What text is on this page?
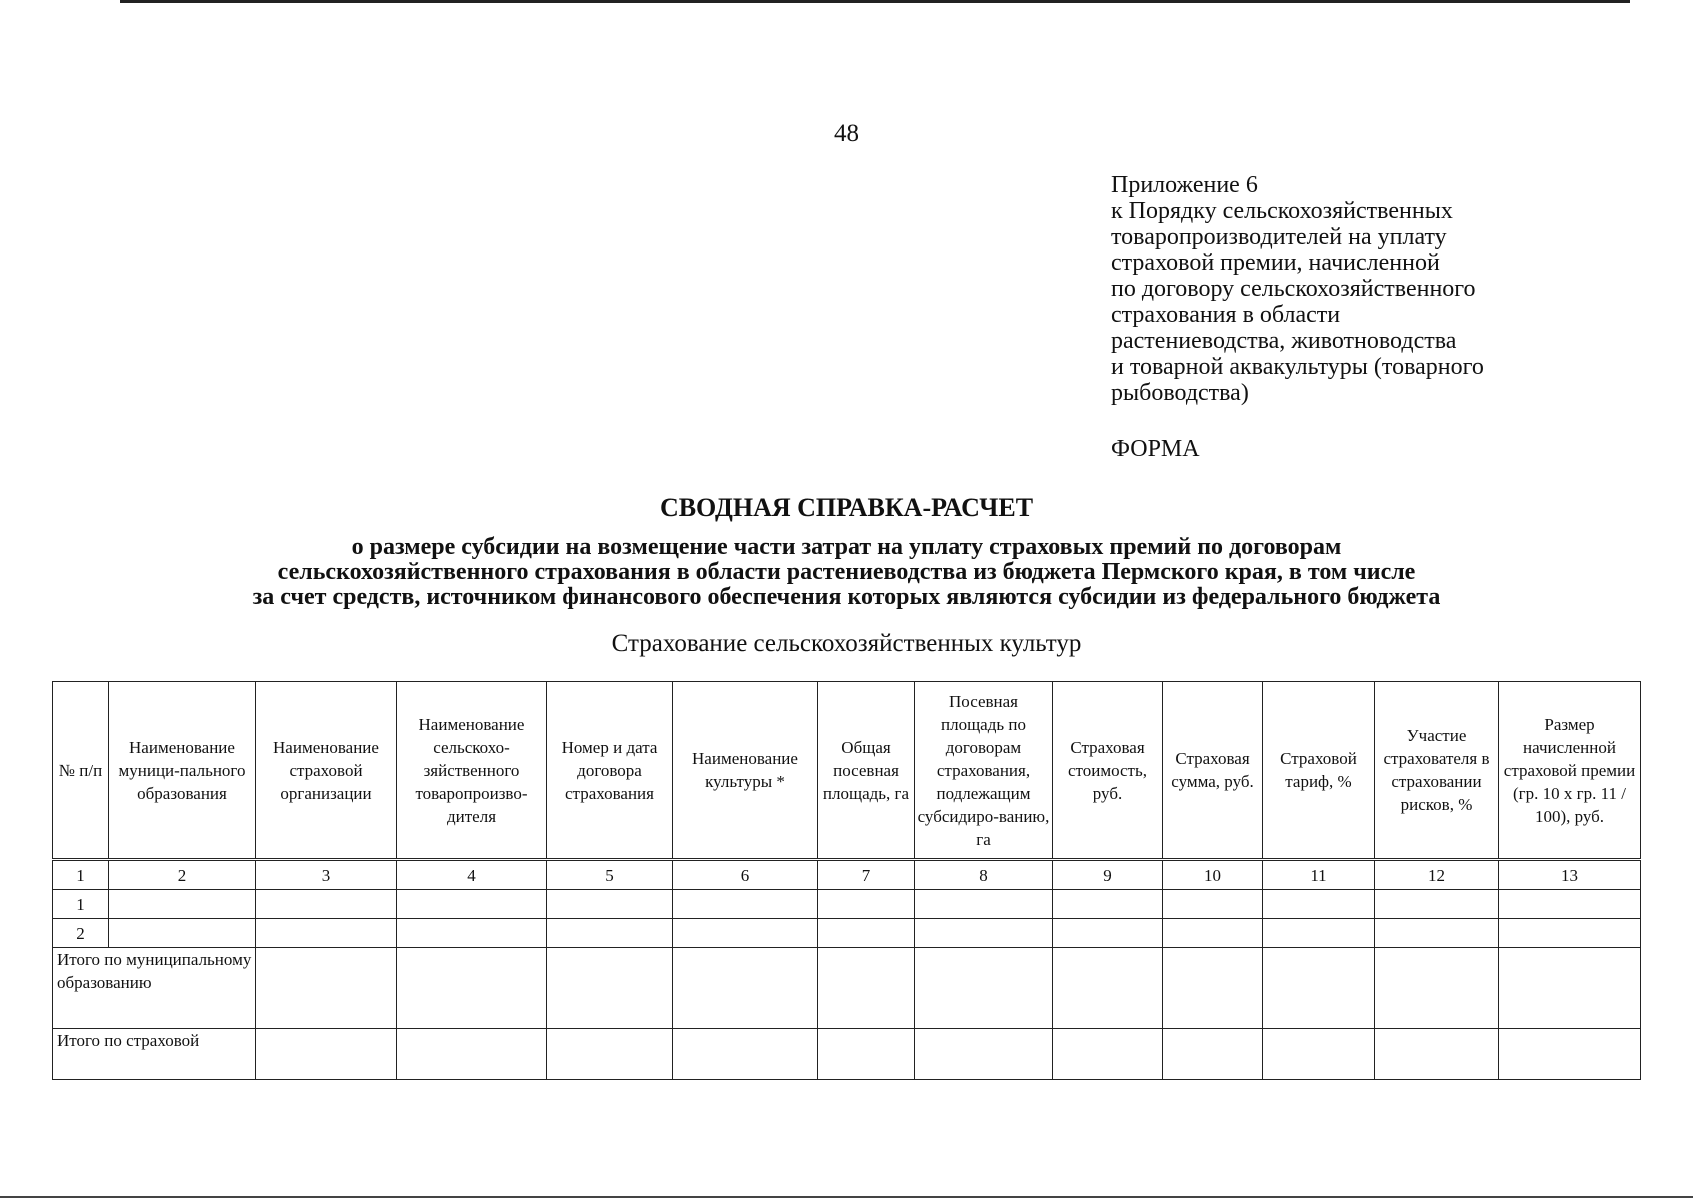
48
Приложение 6
к Порядку сельскохозяйственных
товаропроизводителей на уплату
страховой премии, начисленной
по договору сельскохозяйственного
страхования в области
растениеводства, животноводства
и товарной аквакультуры (товарного
рыбоводства)
ФОРМА
СВОДНАЯ СПРАВКА-РАСЧЕТ
о размере субсидии на возмещение части затрат на уплату страховых премий по договорам
сельскохозяйственного страхования в области растениеводства из бюджета Пермского края, в том числе
за счет средств, источником финансового обеспечения которых являются субсидии из федерального бюджета
Страхование сельскохозяйственных культур
№ п/п	Наименование муници-пального образования	Наименование страховой организации	Наименование сельскохо-зяйственного товаропроизво-дителя	Номер и дата договора страхования	Наименование культуры *	Общая посевная площадь, га	Посевная площадь по договорам страхования, подлежащим субсидиро-ванию, га	Страховая стоимость, руб.	Страховая сумма, руб.	Страховой тариф, %	Участие страхователя в страховании рисков, %	Размер начисленной страховой премии (гр. 10 x гр. 11 / 100), руб.
1	2	3	4	5	6	7	8	9	10	11	12	13
1												
2												
Итого по муниципальному образованию												
Итого по страховой												
